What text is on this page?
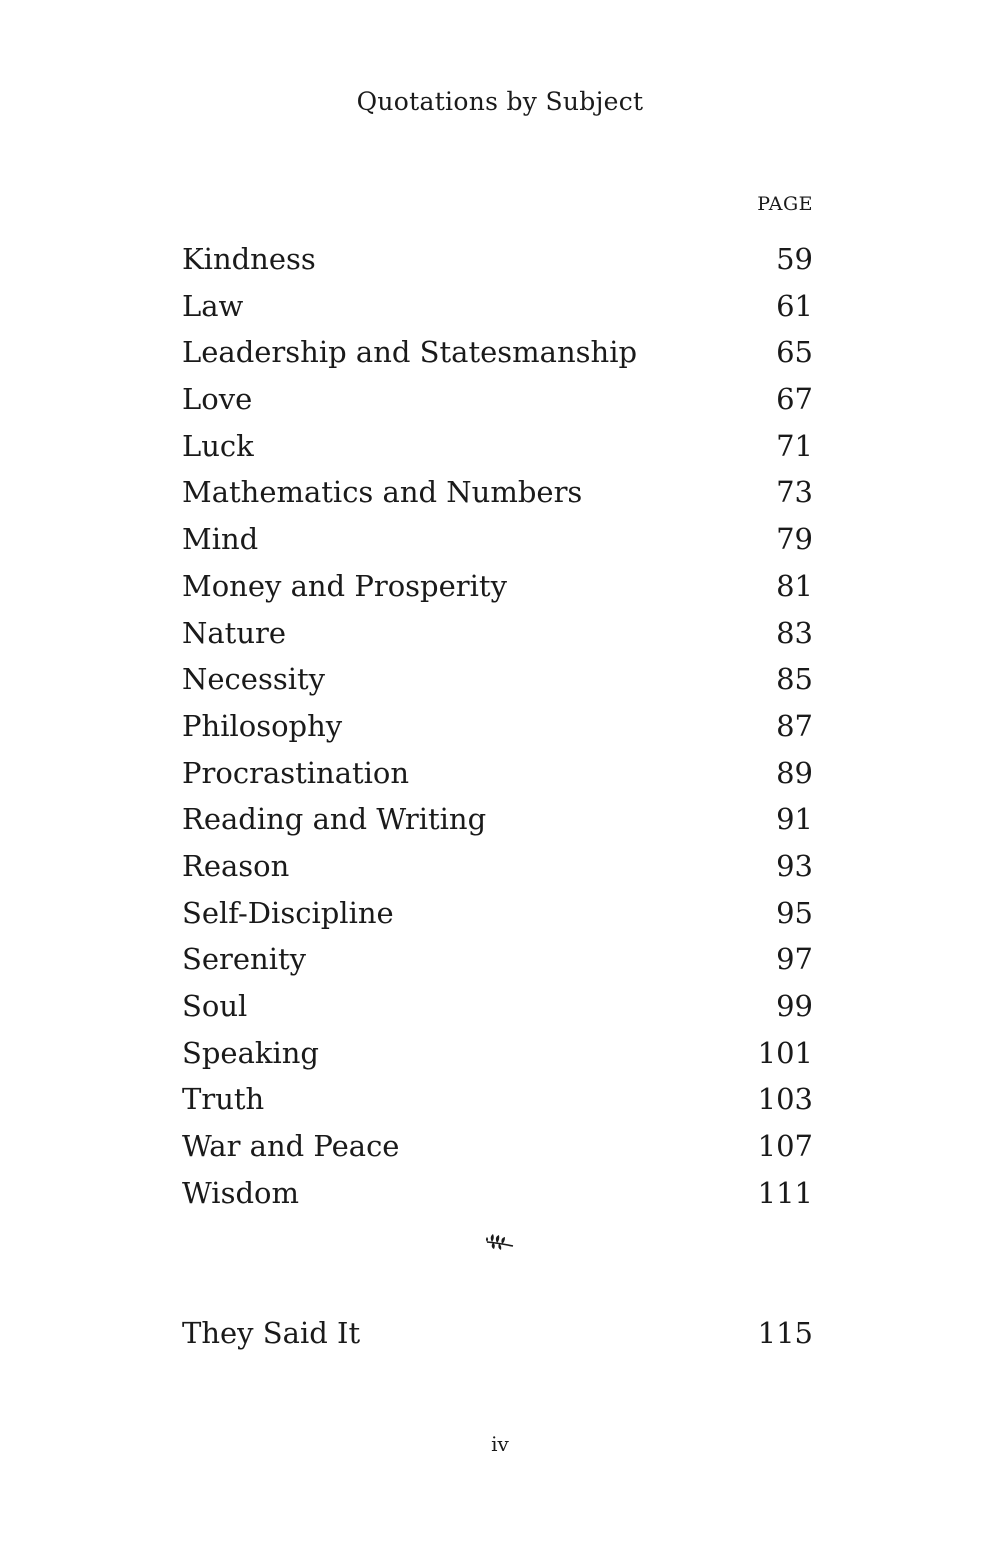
Quotations by Subject
PAGE
Kindness	59
Law	61
Leadership and Statesmanship	65
Love	67
Luck	71
Mathematics and Numbers	73
Mind	79
Money and Prosperity	81
Nature	83
Necessity	85
Philosophy	87
Procrastination	89
Reading and Writing	91
Reason	93
Self-Discipline	95
Serenity	97
Soul	99
Speaking	101
Truth	103
War and Peace	107
Wisdom	111
They Said It	115
iv
